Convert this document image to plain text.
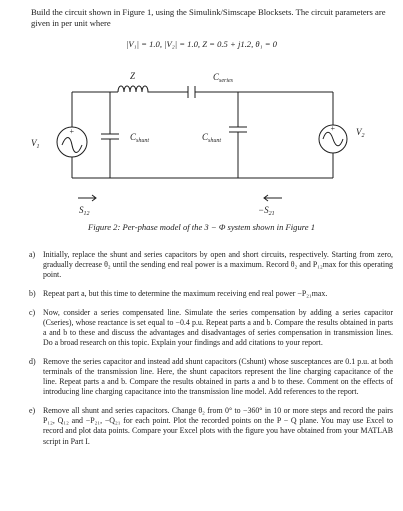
Build the circuit shown in Figure 1, using the Simulink/Simscape Blocksets. The circuit parameters are given in per unit where
|V₁| = 1.0, |V₂| = 1.0, Z = 0.5 + j1.2, θ₁ = 0
+	+
Z	$C_{series}$
$C_{shunt}$	$C_{shunt}$
$V_1$
$V_2$
$S_{12}$	$-S_{21}$
Figure 2: Per-phase model of the 3 − Φ system shown in Figure 1
a) Initially, replace the shunt and series capacitors by open and short circuits, respectively. Starting from zero, gradually decrease θ₂ until the sending end real power is a maximum. Record θ₂ and P₁₂max for this operating point.
b) Repeat part a, but this time to determine the maximum receiving end real power −P₂₁max.
c) Now, consider a series compensated line. Simulate the series compensation by adding a series capacitor (Cseries), whose reactance is set equal to −0.4 p.u. Repeat parts a and b. Compare the results obtained in parts a and b to these and discuss the advantages and disadvantages of series compensation in transmission lines. Do a broad research on this topic. Explain your findings and add citations to your report.
d) Remove the series capacitor and instead add shunt capacitors (Cshunt) whose susceptances are 0.1 p.u. at both terminals of the transmission line. Here, the shunt capacitors represent the line charging capacitance of the line. Repeat parts a and b. Compare the results obtained in parts a and b to these. Comment on the effects of introducing line charging capacitance into the transmission line model. Add references to the report.
e) Remove all shunt and series capacitors. Change θ₂ from 0° to −360° in 10 or more steps and record the pairs P₁₂, Q₁₂ and −P₂₁, −Q₂₁ for each point. Plot the recorded points on the P − Q plane. You may use Excel to record and plot data points. Compare your Excel plots with the figure you have obtained from your MATLAB script in Part I.
